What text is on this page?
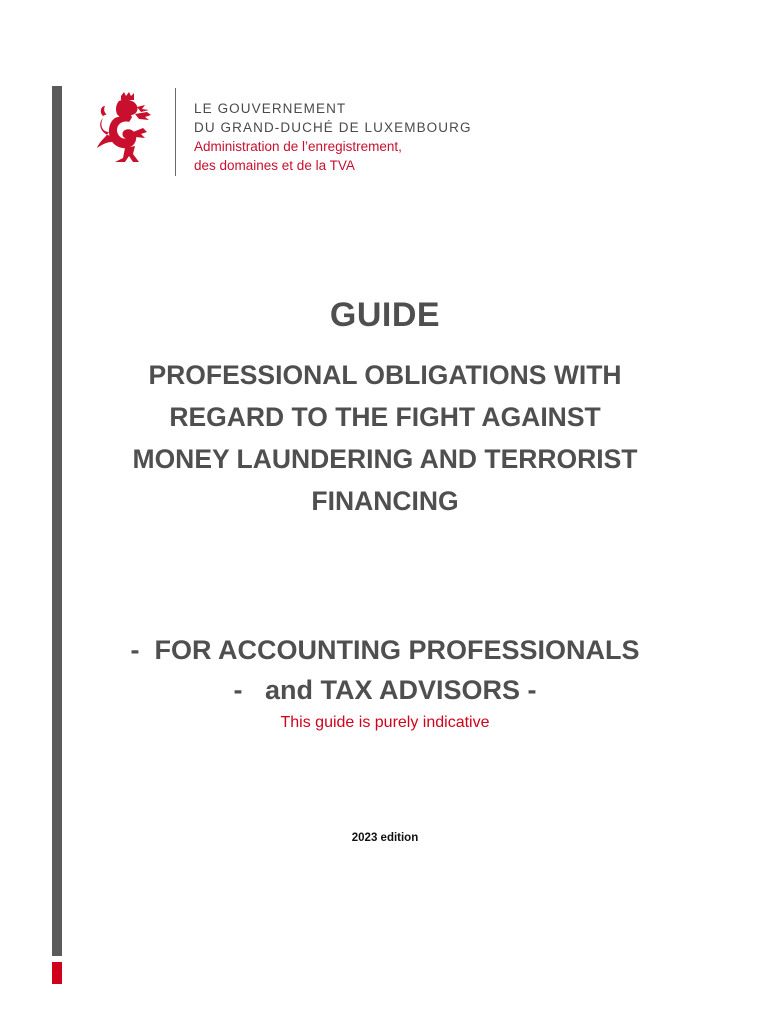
LE GOUVERNEMENT
DU GRAND-DUCHÉ DE LUXEMBOURG
Administration de l’enregistrement,
des domaines et de la TVA
GUIDE
PROFESSIONAL OBLIGATIONS WITH
REGARD TO THE FIGHT AGAINST
MONEY LAUNDERING AND TERRORIST
FINANCING
-  FOR ACCOUNTING PROFESSIONALS
-   and TAX ADVISORS -
This guide is purely indicative
2023 edition
